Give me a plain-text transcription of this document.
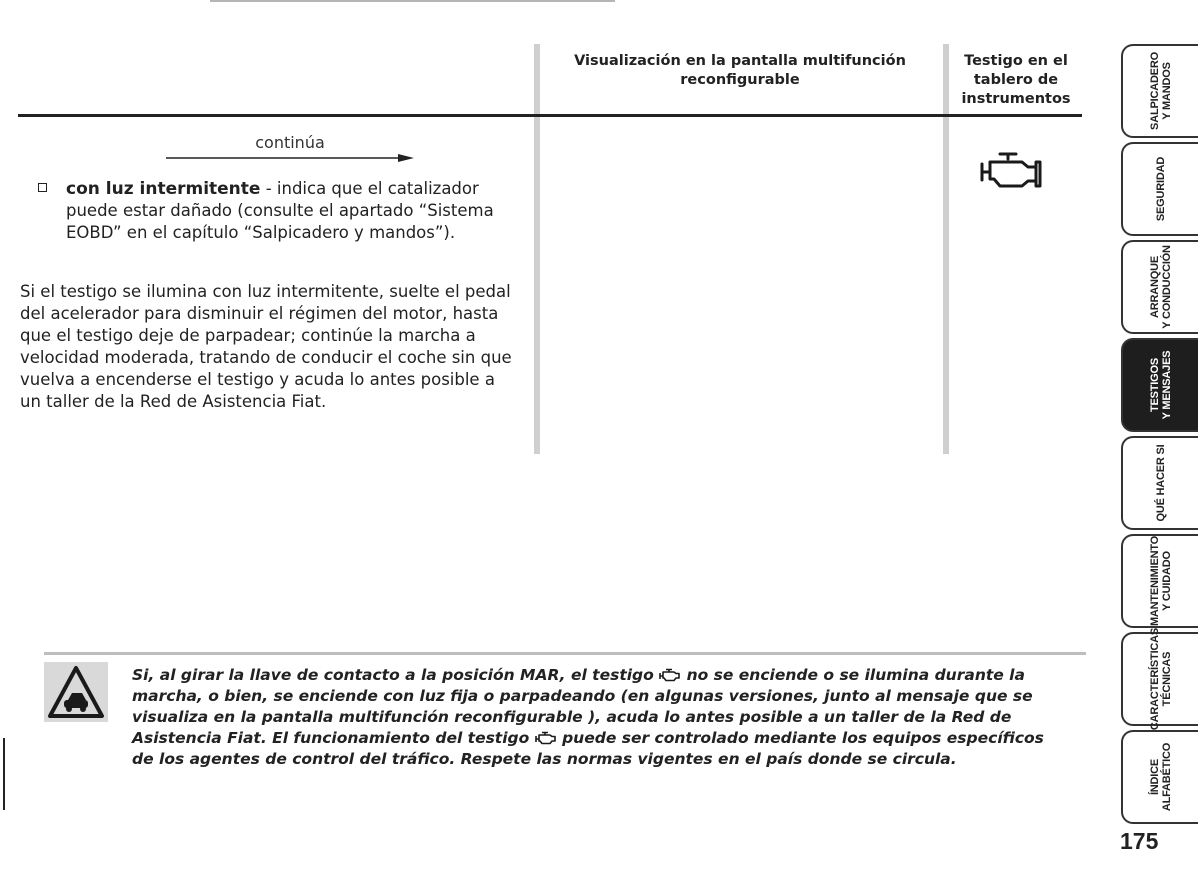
Visualización en la pantalla multifunción reconfigurable
Testigo en el tablero de instrumentos
continúa
con luz intermitente - indica que el catalizador puede estar dañado (consulte el apartado “Sistema EOBD” en el capítulo “Salpicadero y mandos”).
Si el testigo se ilumina con luz intermitente, suelte el pedal del acelerador para disminuir el régimen del motor, hasta que el testigo deje de parpadear; continúe la marcha a velocidad moderada, tratando de conducir el coche sin que vuelva a encenderse el testigo y acuda lo antes posible a un taller de la Red de Asistencia Fiat.
Si, al girar la llave de contacto a la posición MAR, el testigo  no se enciende o se ilumina durante la marcha, o bien, se enciende con luz fija o parpadeando (en algunas versiones, junto al mensaje que se visualiza en la pantalla multifunción reconfigurable ), acuda lo antes posible a un taller de la Red de Asistencia Fiat. El funcionamiento del testigo  puede ser controlado mediante los equipos específicos de los agentes de control del tráfico. Respete las normas vigentes en el país donde se circula.
SALPICADERO
Y MANDOS
SEGURIDAD
ARRANQUE
Y CONDUCCIÓN
TESTIGOS
Y MENSAJES
QUÉ HACER SI
MANTENIMIENTO
Y CUIDADO
CARACTERÍSTICAS
TÉCNICAS
ÍNDICE
ALFABÉTICO
175
